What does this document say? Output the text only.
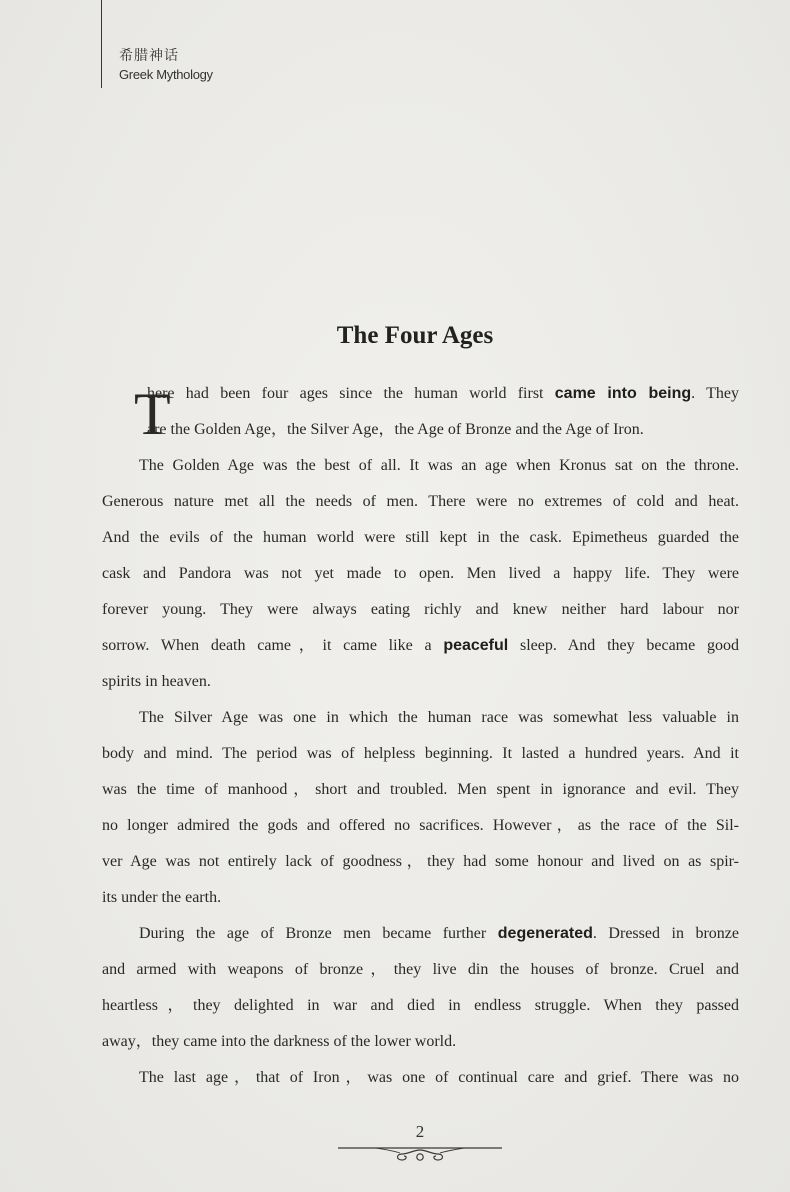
希腊神话
Greek Mythology
The Four Ages
T
here had been four ages since the human world first came into being. They
are the Golden Age，the Silver Age，the Age of Bronze and the Age of Iron.
The Golden Age was the best of all. It was an age when Kronus sat on the throne.
Generous nature met all the needs of men. There were no extremes of cold and heat.
And the evils of the human world were still kept in the cask. Epimetheus guarded the
cask and Pandora was not yet made to open. Men lived a happy life. They were
forever young. They were always eating richly and knew neither hard labour nor
sorrow. When death came，it came like a peaceful sleep. And they became good
spirits in heaven.
The Silver Age was one in which the human race was somewhat less valuable in
body and mind. The period was of helpless beginning. It lasted a hundred years. And it
was the time of manhood，short and troubled. Men spent in ignorance and evil. They
no longer admired the gods and offered no sacrifices. However，as the race of the Sil-
ver Age was not entirely lack of goodness，they had some honour and lived on as spir-
its under the earth.
During the age of Bronze men became further degenerated. Dressed in bronze
and armed with weapons of bronze，they live din the houses of bronze. Cruel and
heartless，they delighted in war and died in endless struggle. When they passed
away，they came into the darkness of the lower world.
The last age，that of Iron，was one of continual care and grief. There was no
2
